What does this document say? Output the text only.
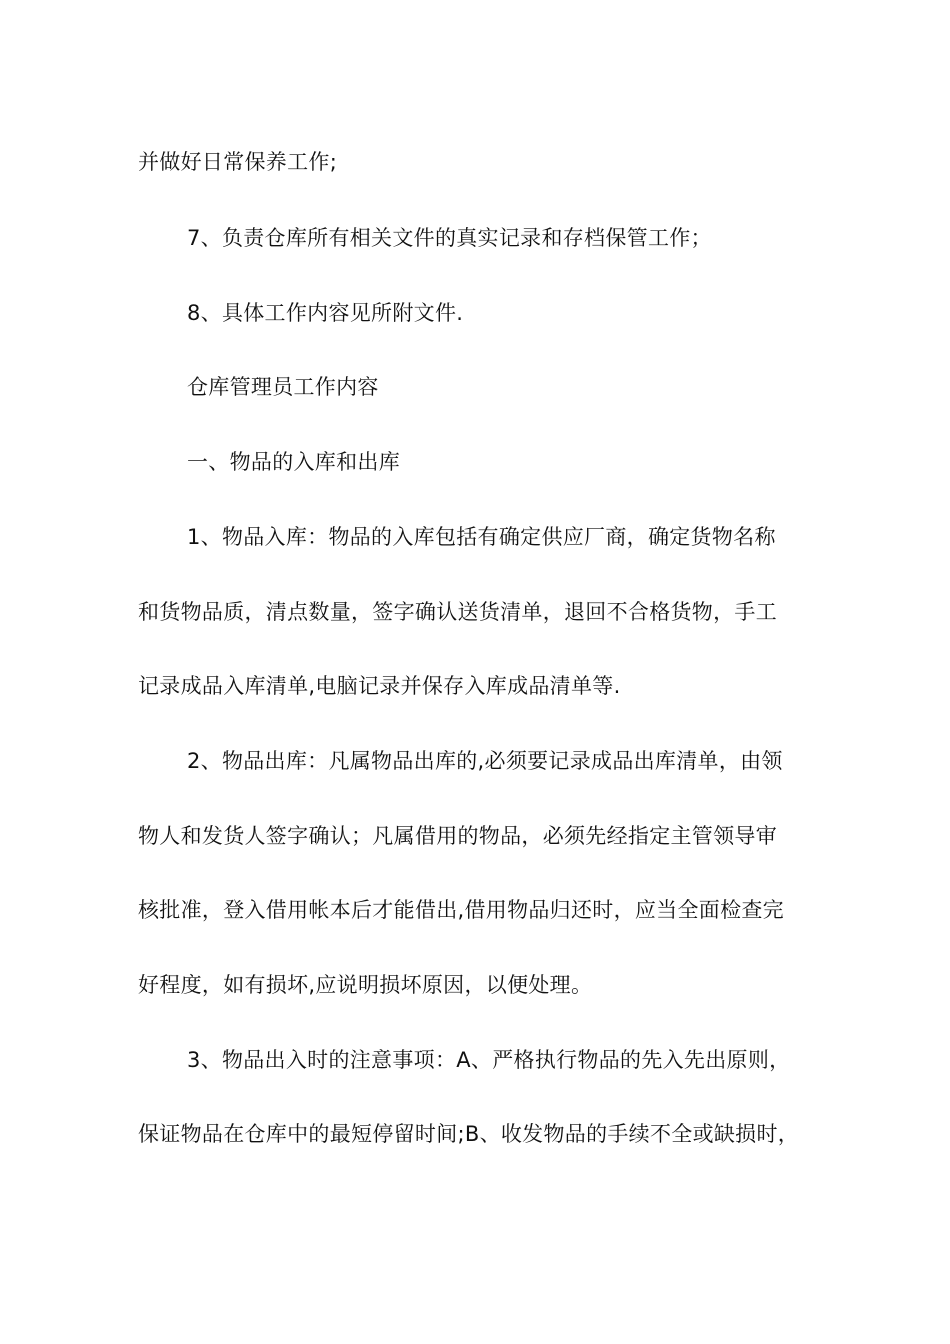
并做好日常保养工作;
7、负责仓库所有相关文件的真实记录和存档保管工作；
8、具体工作内容见所附文件.
仓库管理员工作内容
一、物品的入库和出库
1、物品入库：物品的入库包括有确定供应厂商，确定货物名称
和货物品质，清点数量，签字确认送货清单，退回不合格货物，手工
记录成品入库清单,电脑记录并保存入库成品清单等.
2、物品出库：凡属物品出库的,必须要记录成品出库清单，由领
物人和发货人签字确认；凡属借用的物品，必须先经指定主管领导审
核批准，登入借用帐本后才能借出,借用物品归还时，应当全面检查完
好程度，如有损坏,应说明损坏原因，以便处理。
3、物品出入时的注意事项：A、严格执行物品的先入先出原则，
保证物品在仓库中的最短停留时间;B、收发物品的手续不全或缺损时，
